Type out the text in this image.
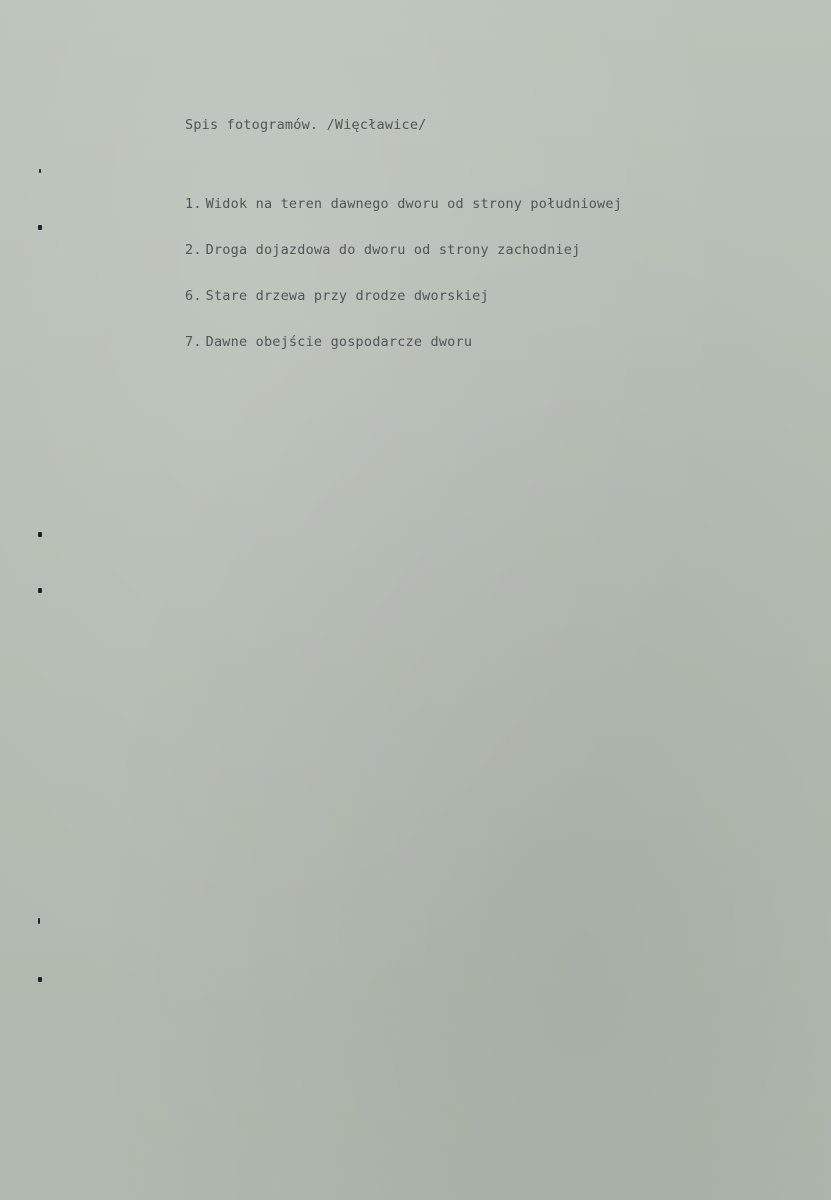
Spis fotogramów. /Więcławice/
1. Widok na teren dawnego dworu od strony południowej
2. Droga dojazdowa do dworu od strony zachodniej
6. Stare drzewa przy drodze dworskiej
7. Dawne obejście gospodarcze dworu
